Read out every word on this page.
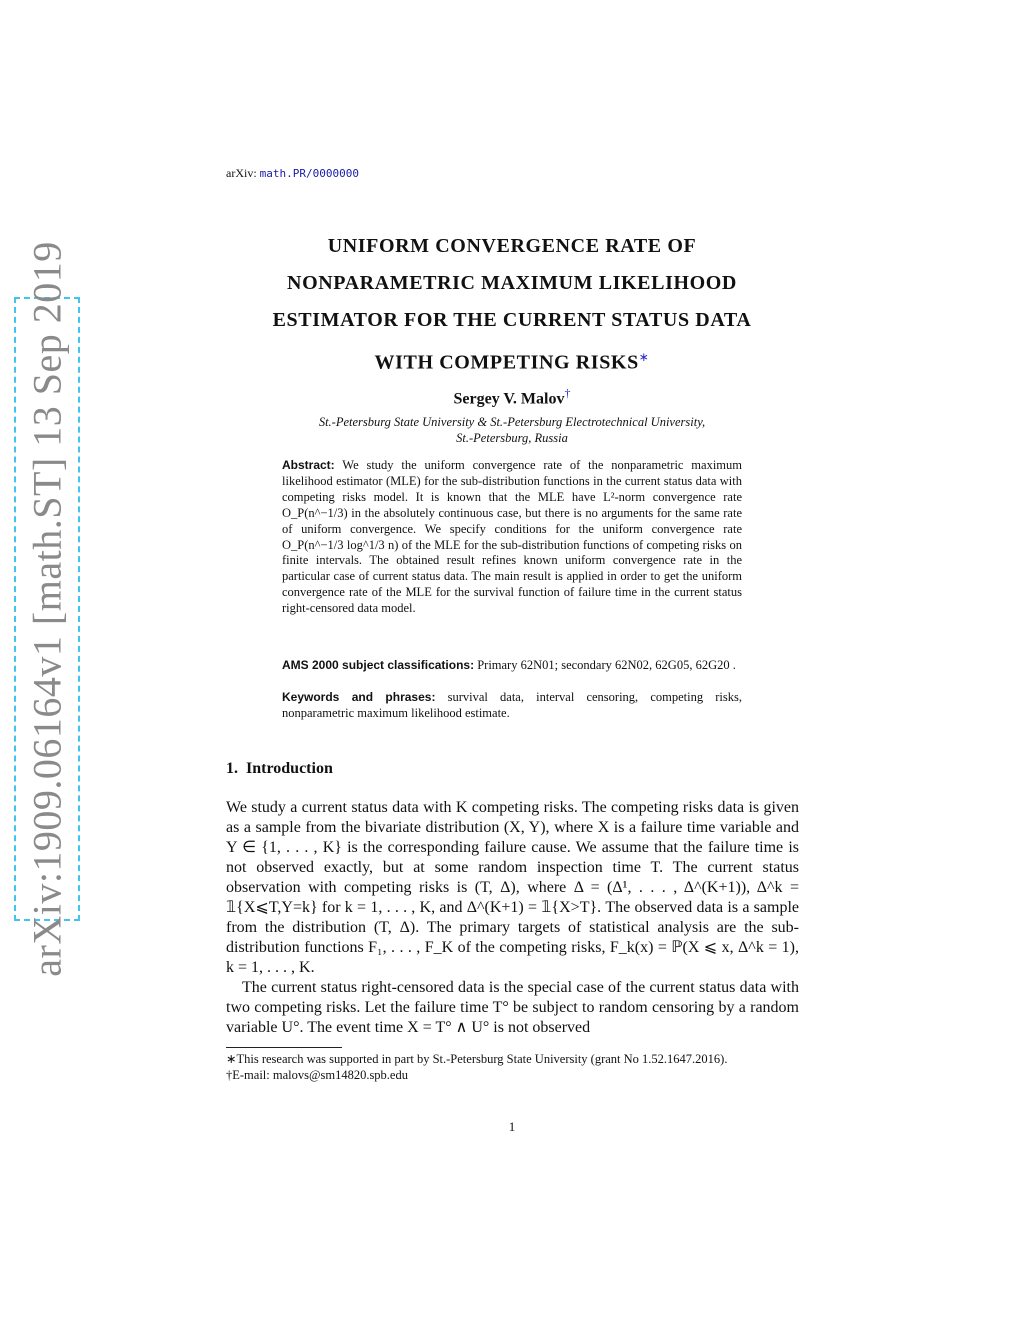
arXiv: math.PR/0000000
arXiv:1909.06164v1 [math.ST] 13 Sep 2019	UNIFORM CONVERGENCE RATE OF
NONPARAMETRIC MAXIMUM LIKELIHOOD
ESTIMATOR FOR THE CURRENT STATUS DATA
WITH COMPETING RISKS∗
Sergey V. Malov†
St.-Petersburg State University & St.-Petersburg Electrotechnical University,
St.-Petersburg, Russia
Abstract: We study the uniform convergence rate of the nonparametric maximum likelihood estimator (MLE) for the sub-distribution functions in the current status data with competing risks model. It is known that the MLE have L²-norm convergence rate O_P(n^−1/3) in the absolutely continuous case, but there is no arguments for the same rate of uniform convergence. We specify conditions for the uniform convergence rate O_P(n^−1/3 log^1/3 n) of the MLE for the sub-distribution functions of competing risks on finite intervals. The obtained result refines known uniform convergence rate in the particular case of current status data. The main result is applied in order to get the uniform convergence rate of the MLE for the survival function of failure time in the current status right-censored data model.
AMS 2000 subject classifications: Primary 62N01; secondary 62N02, 62G05, 62G20 .
Keywords and phrases: survival data, interval censoring, competing risks, nonparametric maximum likelihood estimate.
1. Introduction

We study a current status data with K competing risks. The competing risks data is given as a sample from the bivariate distribution (X, Y), where X is a failure time variable and Y ∈ {1, . . . , K} is the corresponding failure cause. We assume that the failure time is not observed exactly, but at some random inspection time T. The current status observation with competing risks is (T, Δ), where Δ = (Δ¹, . . . , Δ^(K+1)), Δ^k = 𝟙{X⩽T,Y=k} for k = 1, . . . , K, and Δ^(K+1) = 𝟙{X>T}. The observed data is a sample from the distribution (T, Δ). The primary targets of statistical analysis are the sub-distribution functions F₁, . . . , F_K of the competing risks, F_k(x) = ℙ(X ⩽ x, Δ^k = 1), k = 1, . . . , K.

The current status right-censored data is the special case of the current status data with two competing risks. Let the failure time T° be subject to random censoring by a random variable U°. The event time X = T° ∧ U° is not observed

∗This research was supported in part by St.-Petersburg State University (grant No 1.52.1647.2016).

†E-mail: malovs@sm14820.spb.edu

1
